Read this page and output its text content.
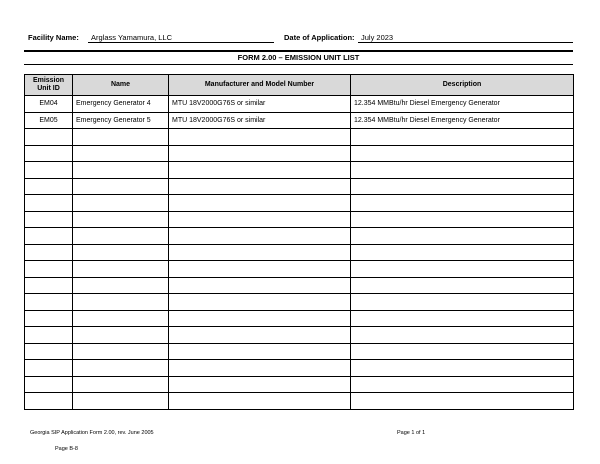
Facility Name: Arglass Yamamura, LLC	Date of Application: July 2023
FORM 2.00 – EMISSION UNIT LIST
Emission Unit ID	Name	Manufacturer and Model Number	Description
EM04	Emergency Generator 4	MTU 18V2000G76S or similar	12.354 MMBtu/hr Diesel Emergency Generator
EM05	Emergency Generator 5	MTU 18V2000G76S or similar	12.354 MMBtu/hr Diesel Emergency Generator

Georgia SIP Application Form 2.00, rev. June 2005	Page 1 of 1
Page B-8
